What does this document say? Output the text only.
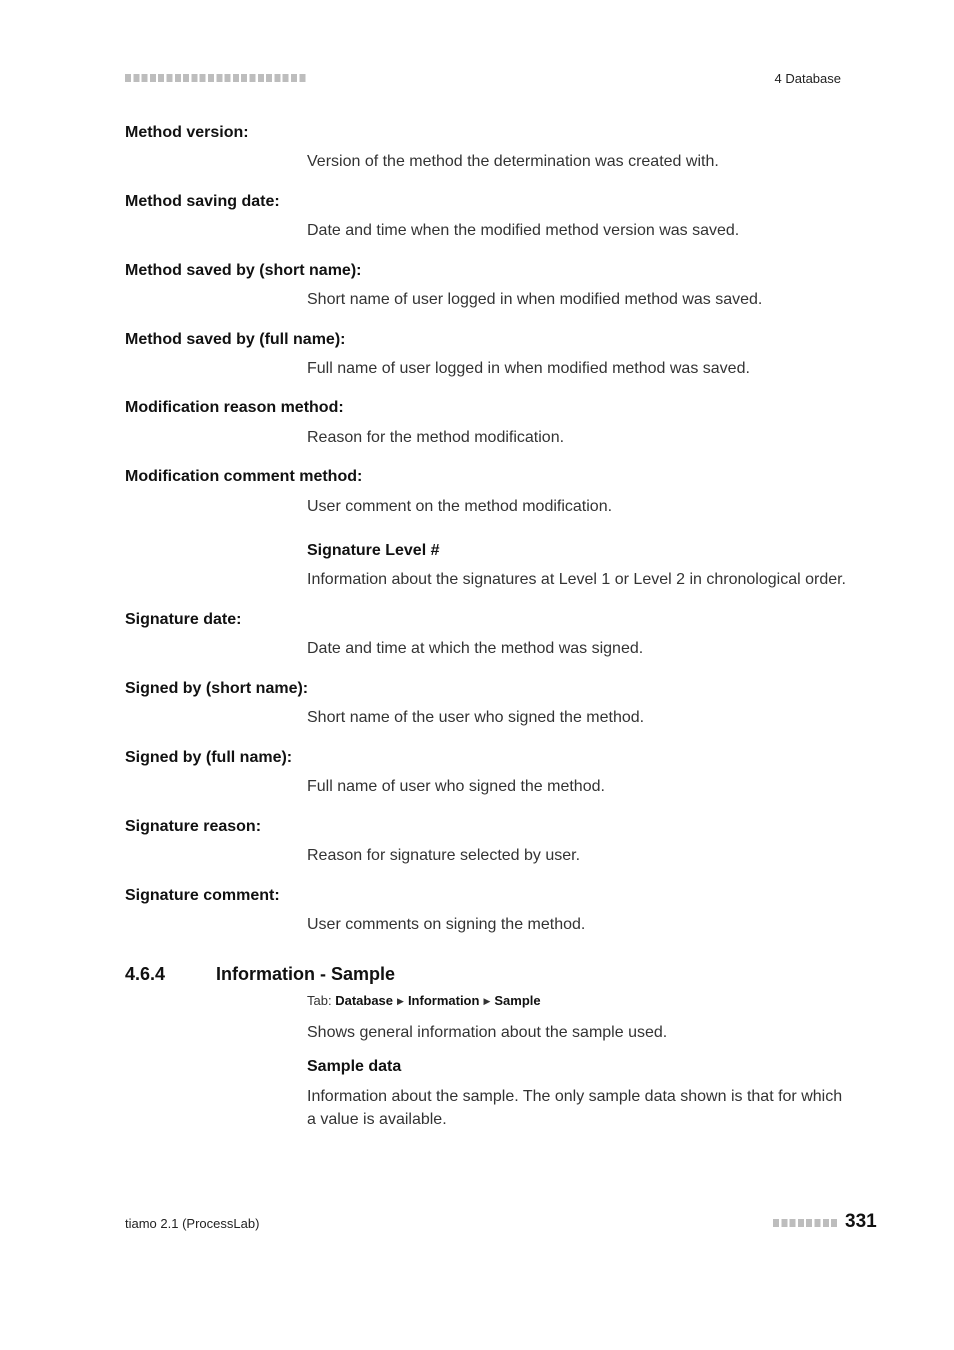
4 Database
Method version:
Version of the method the determination was created with.
Method saving date:
Date and time when the modified method version was saved.
Method saved by (short name):
Short name of user logged in when modified method was saved.
Method saved by (full name):
Full name of user logged in when modified method was saved.
Modification reason method:
Reason for the method modification.
Modification comment method:
User comment on the method modification.
Signature Level #
Information about the signatures at Level 1 or Level 2 in chronological order.
Signature date:
Date and time at which the method was signed.
Signed by (short name):
Short name of the user who signed the method.
Signed by (full name):
Full name of user who signed the method.
Signature reason:
Reason for signature selected by user.
Signature comment:
User comments on signing the method.
4.6.4	Information - Sample
Tab: Database ▶ Information ▶ Sample
Shows general information about the sample used.
Sample data
Information about the sample. The only sample data shown is that for which a value is available.
tiamo 2.1 (ProcessLab)	331
